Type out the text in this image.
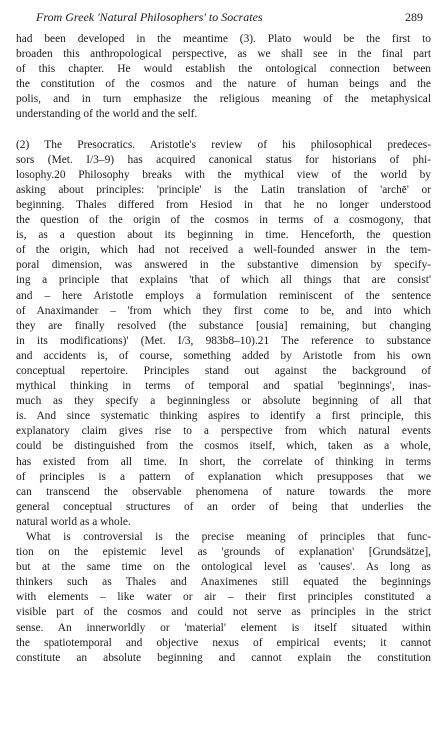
From Greek 'Natural Philosophers' to Socrates	289

had been developed in the meantime (3). Plato would be the first to
broaden this anthropological perspective, as we shall see in the final part
of this chapter. He would establish the ontological connection between
the constitution of the cosmos and the nature of human beings and the
polis, and in turn emphasize the religious meaning of the metaphysical
understanding of the world and the self.

(2) The Presocratics. Aristotle's review of his philosophical predeces-
sors (Met. I/3–9) has acquired canonical status for historians of phi-
losophy.20 Philosophy breaks with the mythical view of the world by
asking about principles: 'principle' is the Latin translation of 'archē' or
beginning. Thales differed from Hesiod in that he no longer understood
the question of the origin of the cosmos in terms of a cosmogony, that
is, as a question about its beginning in time. Henceforth, the question
of the origin, which had not received a well-founded answer in the tem-
poral dimension, was answered in the substantive dimension by specify-
ing a principle that explains 'that of which all things that are consist'
and – here Aristotle employs a formulation reminiscent of the sentence
of Anaximander – 'from which they first come to be, and into which
they are finally resolved (the substance [ousia] remaining, but changing
in its modifications)' (Met. I/3, 983b8–10).21 The reference to substance
and accidents is, of course, something added by Aristotle from his own
conceptual repertoire. Principles stand out against the background of
mythical thinking in terms of temporal and spatial 'beginnings', inas-
much as they specify a beginningless or absolute beginning of all that
is. And since systematic thinking aspires to identify a first principle, this
explanatory claim gives rise to a perspective from which natural events
could be distinguished from the cosmos itself, which, taken as a whole,
has existed from all time. In short, the correlate of thinking in terms
of principles is a pattern of explanation which presupposes that we
can transcend the observable phenomena of nature towards the more
general conceptual structures of an order of being that underlies the
natural world as a whole.

What is controversial is the precise meaning of principles that func-
tion on the epistemic level as 'grounds of explanation' [Grundsätze],
but at the same time on the ontological level as 'causes'. As long as
thinkers such as Thales and Anaximenes still equated the beginnings
with elements – like water or air – their first principles constituted a
visible part of the cosmos and could not serve as principles in the strict
sense. An innerworldly or 'material' element is itself situated within
the spatiotemporal and objective nexus of empirical events; it cannot
constitute an absolute beginning and cannot explain the constitution
